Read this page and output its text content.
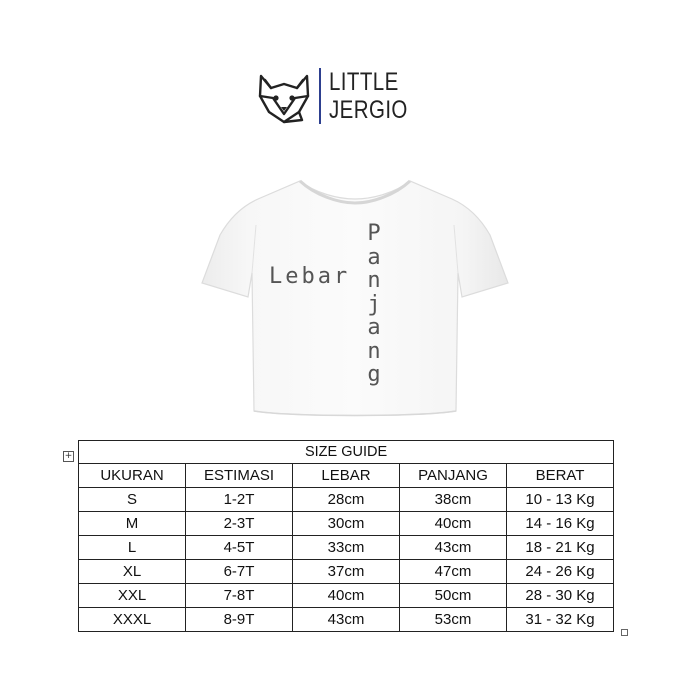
LITTLE
JERGIO
Lebar
P
a
n
j
a
n
g
+	SIZE GUIDE				
UKURAN	ESTIMASI	LEBAR	PANJANG	BERAT
S	1-2T	28cm	38cm	10 - 13 Kg
M	2-3T	30cm	40cm	14 - 16 Kg
L	4-5T	33cm	43cm	18 - 21 Kg
XL	6-7T	37cm	47cm	24 - 26 Kg
XXL	7-8T	40cm	50cm	28 - 30 Kg
XXXL	8-9T	43cm	53cm	31 - 32 Kg
